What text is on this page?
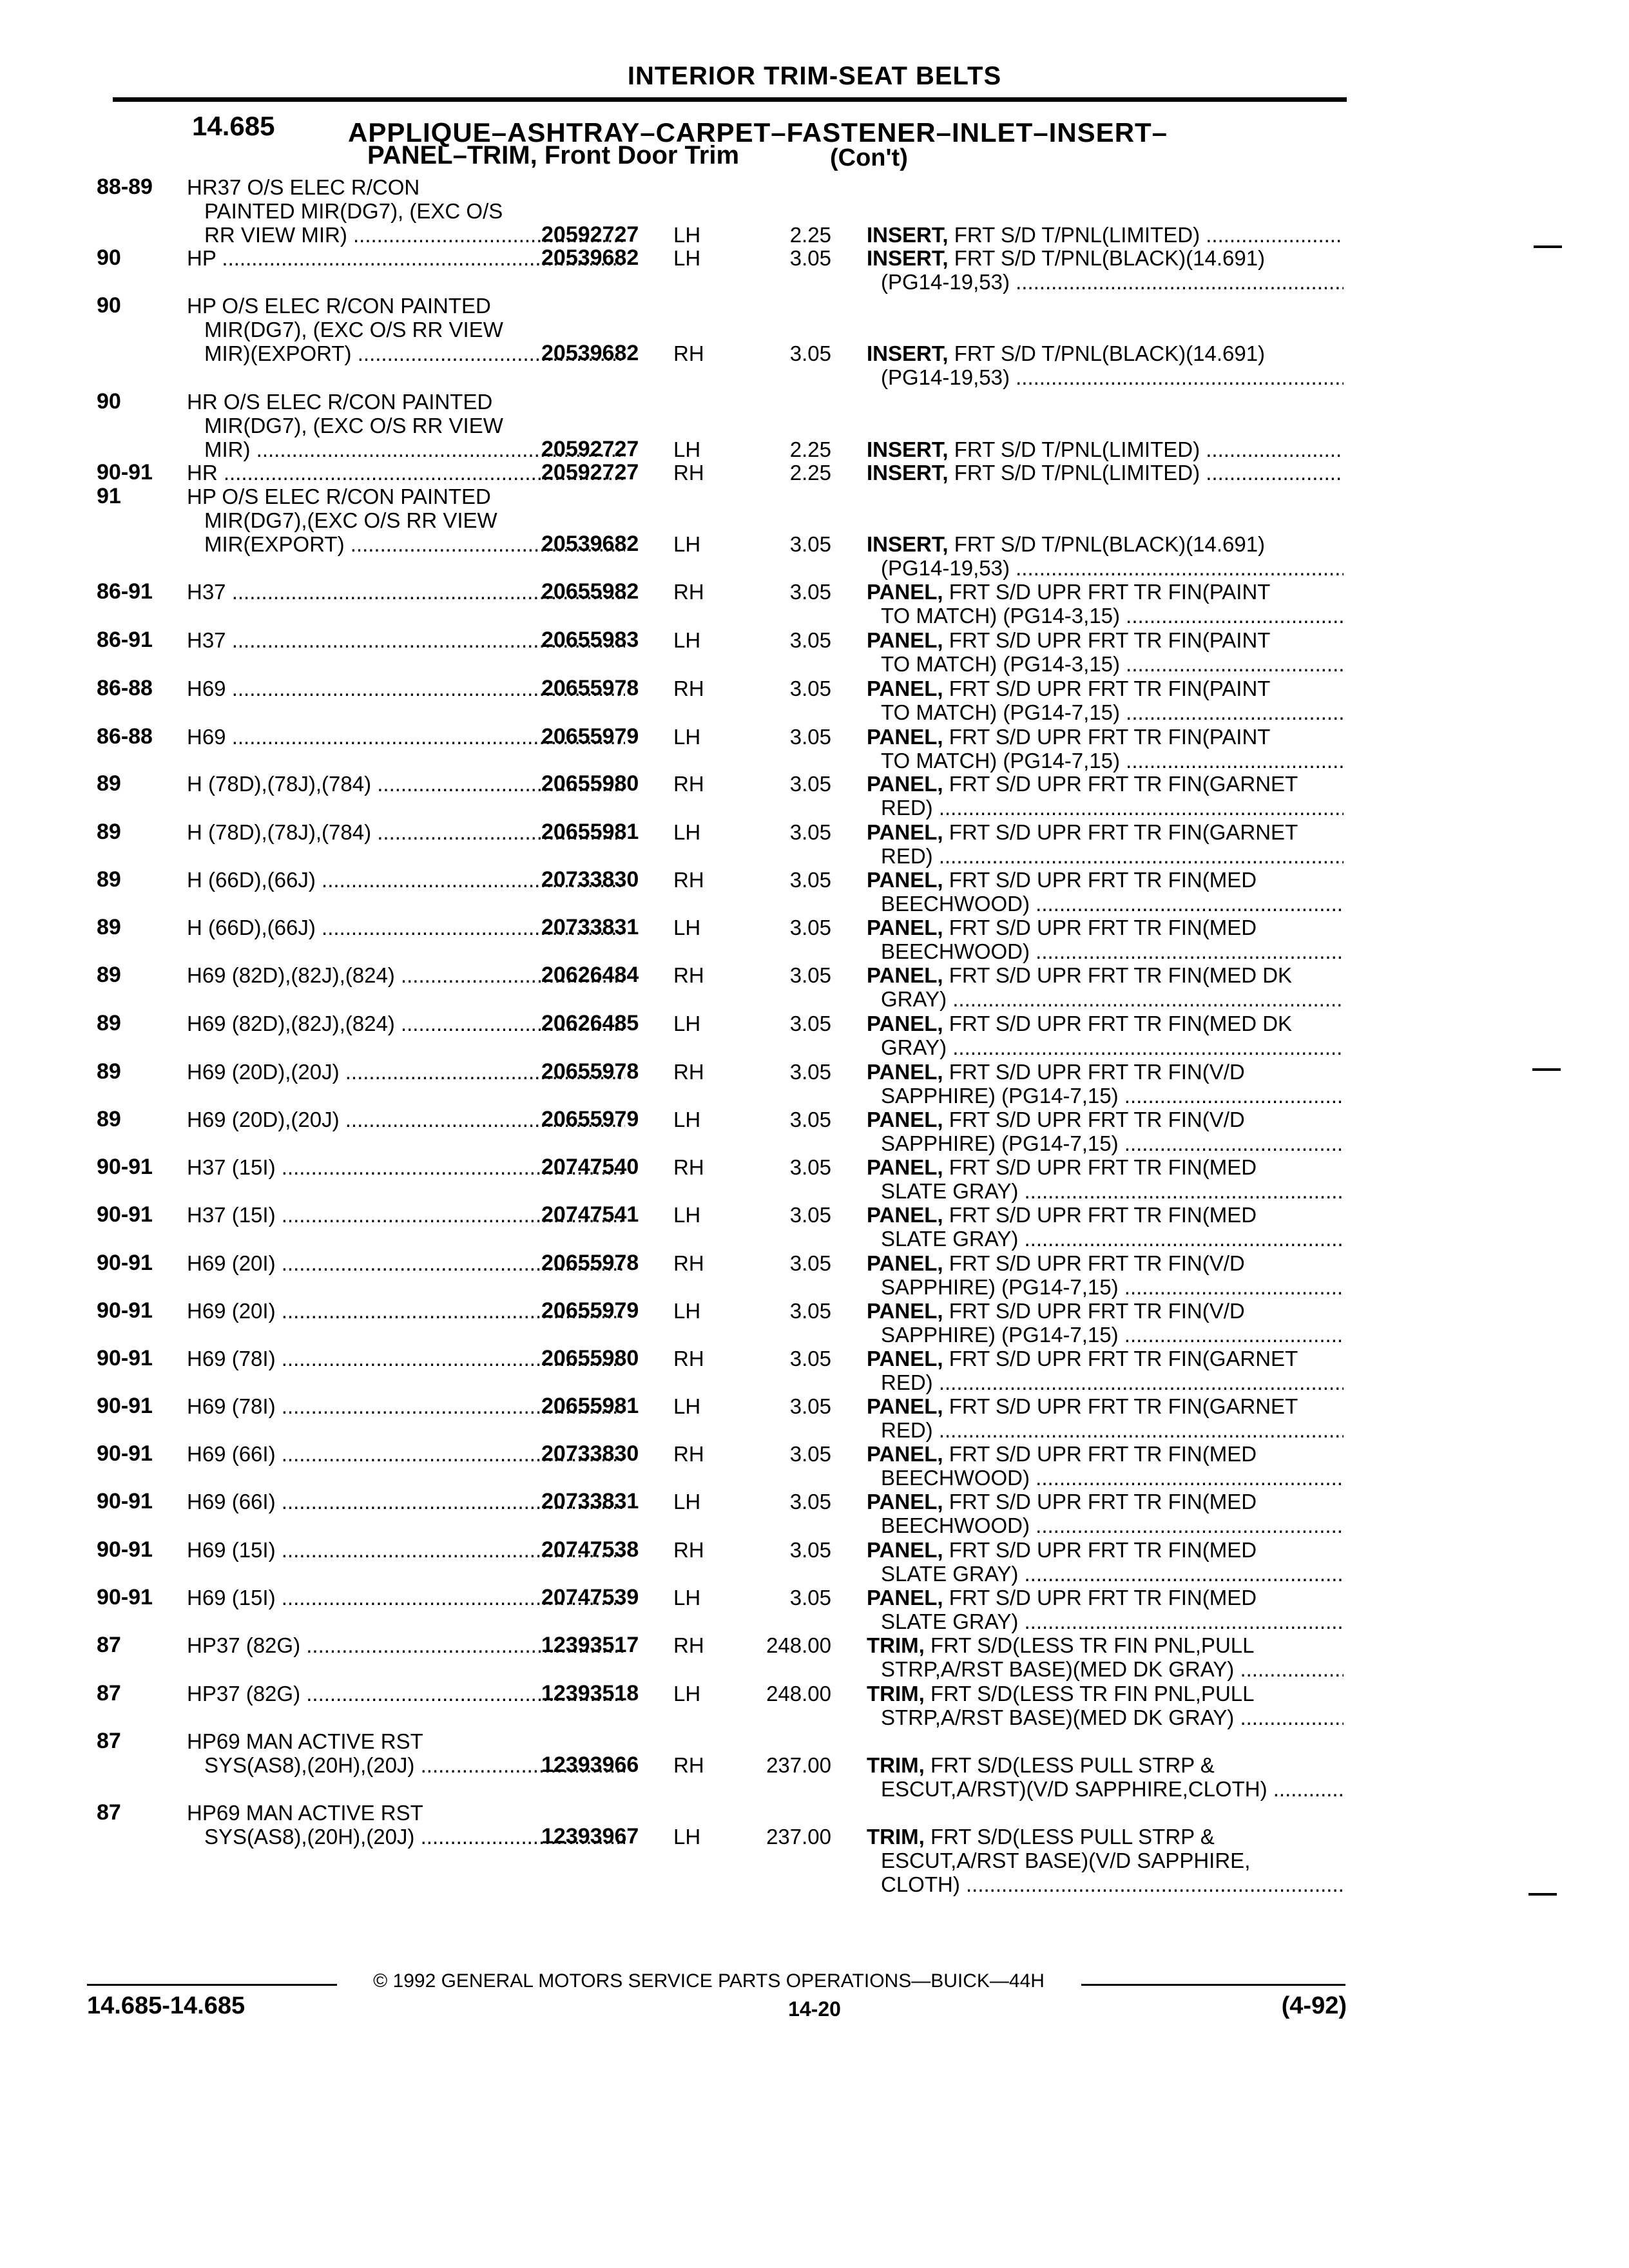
INTERIOR TRIM-SEAT BELTS
14.685	APPLIQUE–ASHTRAY–CARPET–FASTENER–INLET–INSERT–
PANEL–TRIM, Front Door Trim	(Con't)
88-89	HR37 O/S ELEC R/CON
PAINTED MIR(DG7), (EXC O/S
RR VIEW MIR) .....	20592727	LH	2.25 INSERT, FRT S/D T/PNL(LIMITED) .....
90	HP .....	20539682	LH	3.05 INSERT, FRT S/D T/PNL(BLACK)(14.691)
(PG14-19,53) .....
90	HP O/S ELEC R/CON PAINTED
MIR(DG7), (EXC O/S RR VIEW
MIR)(EXPORT) .....	20539682	RH	3.05 INSERT, FRT S/D T/PNL(BLACK)(14.691)
(PG14-19,53) .....
90	HR O/S ELEC R/CON PAINTED
MIR(DG7), (EXC O/S RR VIEW
MIR) .....	20592727	LH	2.25 INSERT, FRT S/D T/PNL(LIMITED) .....
90-91	HR .....	20592727	RH	2.25 INSERT, FRT S/D T/PNL(LIMITED) .....
91	HP O/S ELEC R/CON PAINTED
MIR(DG7),(EXC O/S RR VIEW
MIR(EXPORT) .....	20539682	LH	3.05 INSERT, FRT S/D T/PNL(BLACK)(14.691)
(PG14-19,53) .....
86-91	H37 .....	20655982	RH	3.05 PANEL, FRT S/D UPR FRT TR FIN(PAINT
TO MATCH) (PG14-3,15) .....
86-91	H37 .....	20655983	LH	3.05 PANEL, FRT S/D UPR FRT TR FIN(PAINT
TO MATCH) (PG14-3,15) .....
86-88	H69 .....	20655978	RH	3.05 PANEL, FRT S/D UPR FRT TR FIN(PAINT
TO MATCH) (PG14-7,15) .....
86-88	H69 .....	20655979	LH	3.05 PANEL, FRT S/D UPR FRT TR FIN(PAINT
TO MATCH) (PG14-7,15) .....
89	H (78D),(78J),(784) .....	20655980	RH	3.05 PANEL, FRT S/D UPR FRT TR FIN(GARNET
RED) .....
89	H (78D),(78J),(784) .....	20655981	LH	3.05 PANEL, FRT S/D UPR FRT TR FIN(GARNET
RED) .....
89	H (66D),(66J) .....	20733830	RH	3.05 PANEL, FRT S/D UPR FRT TR FIN(MED
BEECHWOOD) .....
89	H (66D),(66J) .....	20733831	LH	3.05 PANEL, FRT S/D UPR FRT TR FIN(MED
BEECHWOOD) .....
89	H69 (82D),(82J),(824) .....	20626484	RH	3.05 PANEL, FRT S/D UPR FRT TR FIN(MED DK
GRAY) .....
89	H69 (82D),(82J),(824) .....	20626485	LH	3.05 PANEL, FRT S/D UPR FRT TR FIN(MED DK
GRAY) .....
89	H69 (20D),(20J) .....	20655978	RH	3.05 PANEL, FRT S/D UPR FRT TR FIN(V/D
SAPPHIRE) (PG14-7,15) .....
89	H69 (20D),(20J) .....	20655979	LH	3.05 PANEL, FRT S/D UPR FRT TR FIN(V/D
SAPPHIRE) (PG14-7,15) .....
90-91	H37 (15I) .....	20747540	RH	3.05 PANEL, FRT S/D UPR FRT TR FIN(MED
SLATE GRAY) .....
90-91	H37 (15I) .....	20747541	LH	3.05 PANEL, FRT S/D UPR FRT TR FIN(MED
SLATE GRAY) .....
90-91	H69 (20I) .....	20655978	RH	3.05 PANEL, FRT S/D UPR FRT TR FIN(V/D
SAPPHIRE) (PG14-7,15) .....
90-91	H69 (20I) .....	20655979	LH	3.05 PANEL, FRT S/D UPR FRT TR FIN(V/D
SAPPHIRE) (PG14-7,15) .....
90-91	H69 (78I) .....	20655980	RH	3.05 PANEL, FRT S/D UPR FRT TR FIN(GARNET
RED) .....
90-91	H69 (78I) .....	20655981	LH	3.05 PANEL, FRT S/D UPR FRT TR FIN(GARNET
RED) .....
90-91	H69 (66I) .....	20733830	RH	3.05 PANEL, FRT S/D UPR FRT TR FIN(MED
BEECHWOOD) .....
90-91	H69 (66I) .....	20733831	LH	3.05 PANEL, FRT S/D UPR FRT TR FIN(MED
BEECHWOOD) .....
90-91	H69 (15I) .....	20747538	RH	3.05 PANEL, FRT S/D UPR FRT TR FIN(MED
SLATE GRAY) .....
90-91	H69 (15I) .....	20747539	LH	3.05 PANEL, FRT S/D UPR FRT TR FIN(MED
SLATE GRAY) .....
87	HP37 (82G) .....	12393517	RH	248.00 TRIM, FRT S/D(LESS TR FIN PNL,PULL
STRP,A/RST BASE)(MED DK GRAY) .....
87	HP37 (82G) .....	12393518	LH	248.00 TRIM, FRT S/D(LESS TR FIN PNL,PULL
STRP,A/RST BASE)(MED DK GRAY) .....
87	HP69 MAN ACTIVE RST
SYS(AS8),(20H),(20J) .....	12393966	RH	237.00 TRIM, FRT S/D(LESS PULL STRP &
ESCUT,A/RST)(V/D SAPPHIRE,CLOTH) .....
87	HP69 MAN ACTIVE RST
SYS(AS8),(20H),(20J) .....	12393967	LH	237.00 TRIM, FRT S/D(LESS PULL STRP &
ESCUT,A/RST BASE)(V/D SAPPHIRE,
CLOTH) .....
© 1992 GENERAL MOTORS SERVICE PARTS OPERATIONS—BUICK—44H
14.685-14.685	14-20	(4-92)
